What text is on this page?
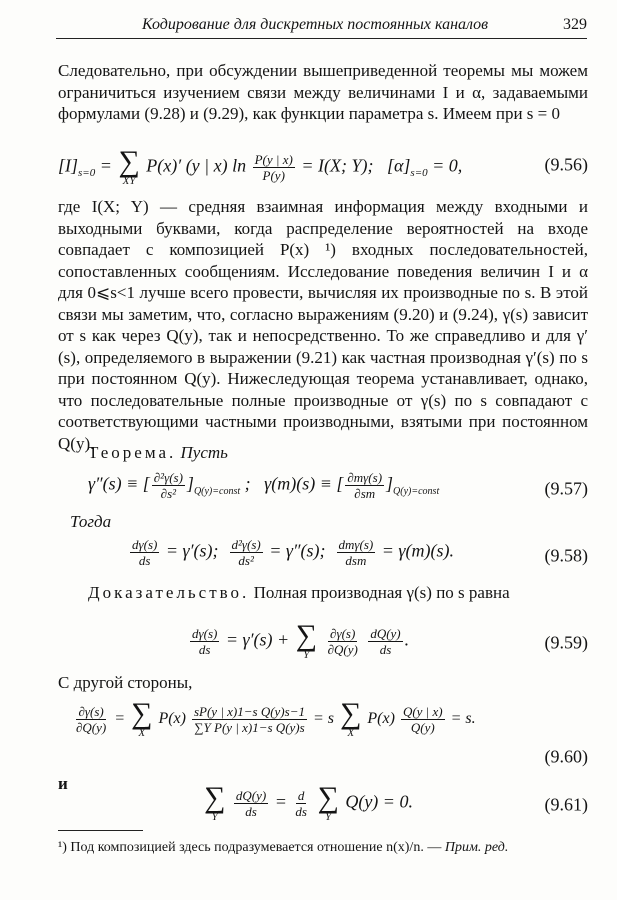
Кодирование для дискретных постоянных каналов	329

Следовательно, при обсуждении вышеприведенной теоремы мы можем ограничиться изучением связи между величинами I и α, задаваемыми формулами (9.28) и (9.29), как функции параметра s. Имеем при s = 0

$[I]_{s=0}$ = ∑
XY
P(x)′ (y | x) $\ln \frac{P(y | x)}{P(y)} = I(X$; Y); $[\alpha]_{s=0} = 0$,	(9.56)

где I(X; Y) — средняя взаимная информация между входными и выходными буквами, когда распределение вероятностей на входе совпадает с композицией P(x) ¹) входных последовательностей, сопоставленных сообщениям. Исследование поведения величин I и α для 0⩽s<1 лучше всего провести, вычисляя их производные по s. В этой связи мы заметим, что, согласно выражениям (9.20) и (9.24), γ(s) зависит от s как через Q(y), так и непосредственно. То же справедливо и для γ′(s), определяемого в выражении (9.21) как частная производная γ′(s) по s при постоянном Q(y). Нижеследующая теорема устанавливает, однако, что последовательные полные производные от γ(s) по s совпадают с соответствующими частными производными, взятыми при постоянном Q(y).

Теорема. Пусть
γ″(s) ≡ [ $\frac{\text{∂²γ(s)}}{\text{∂s²}} ]_{Q(y)=const}$ ; γ(m)(s) ≡ [ $\frac{\partial m\gamma(s)}{\partial sm} ]_{Q(y)=const}$	(9.57)
Тогда
$\frac{d\gamma(s)}{ds} = \gamma'(s)$; $\frac{\text{d²γ(s)}}{\text{ds²}} = \gamma''(s)$; $\frac{\text{dmγ(s)}}{\text{dsm}} = \gamma(m)(s)$.	(9.58)

Доказательство. Полная производная γ(s) по s равна

$\frac{d\gamma(s)}{ds} = \gamma'(s)$ + ∑
Y
$\frac{\partial\gamma(s)}{\partial Q(y)}$
$\frac{dQ(y)}{ds}$ .	(9.59)

С другой стороны,

$\frac{\partial\gamma(s)}{\partial Q(y)}$ = ∑
X
$P(x) \frac{\text{sP(y | x)1−s Q(y)s−1}}{\text{∑Y P(y | x)1−s Q(y)s}} = s$ ∑
X
$P(x) \frac{Q(y | x)}{Q(y)} = s$.
(9.60)
и	∑
Y
$\frac{dQ(y)}{ds} = \frac{d}{ds}$
∑
Y
Q(y) = 0.	(9.61)
¹) Под композицией здесь подразумевается отношение n(x)/n. — Прим. ред.
